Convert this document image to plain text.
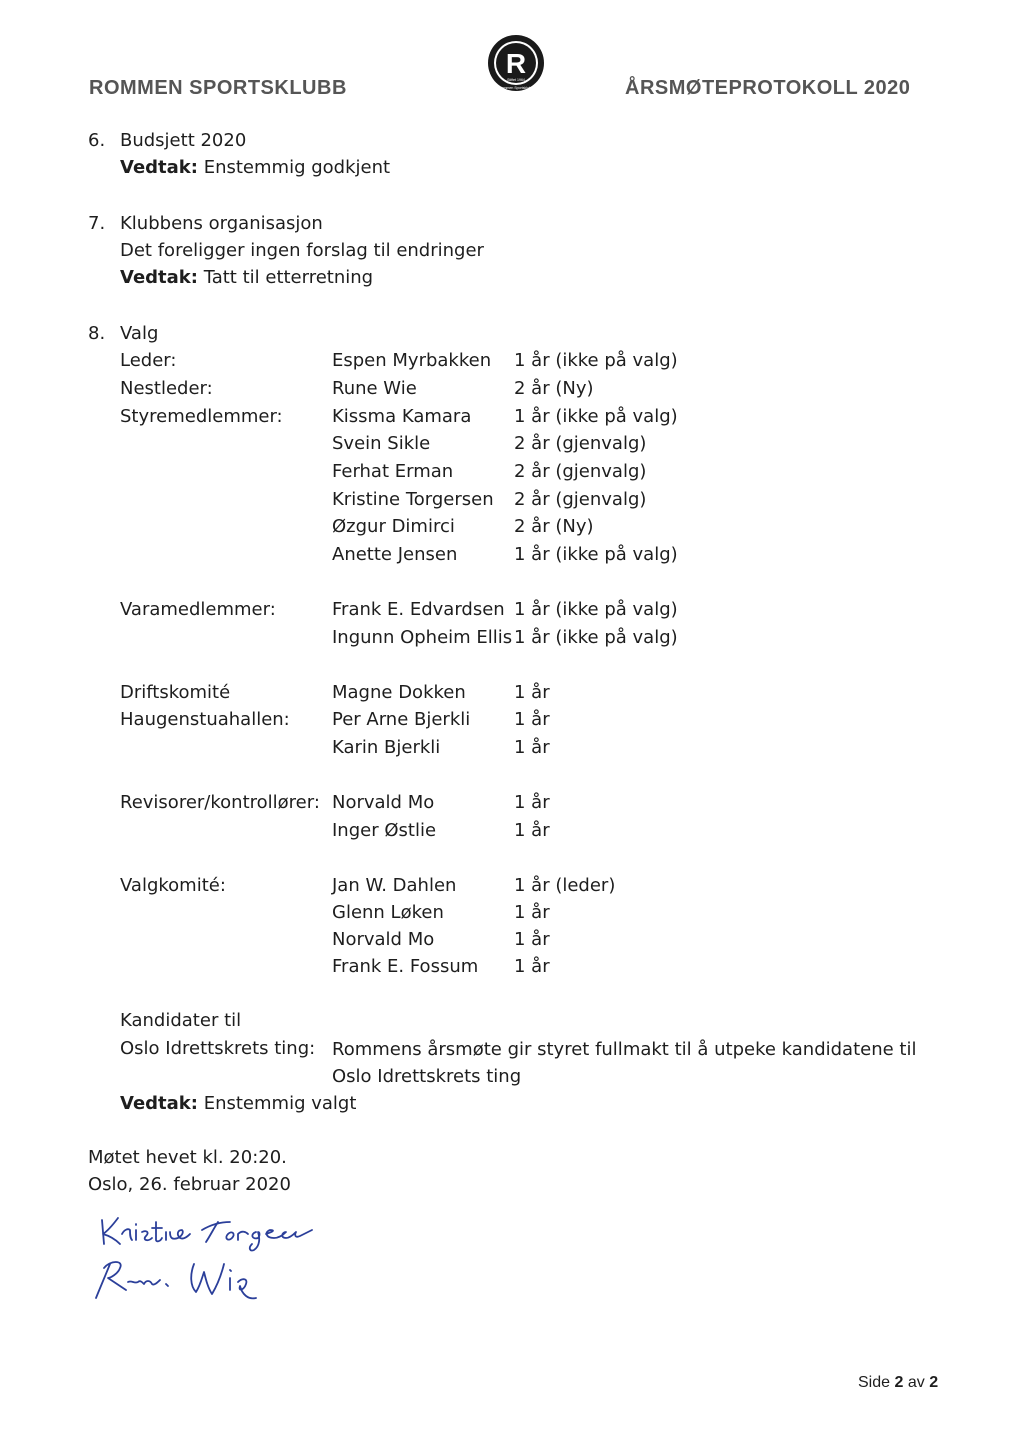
ROMMEN SPORTSKLUBB	ÅRSMØTEPROTOKOLL 2020
R
Stiftet 1964
Rommen Sportsklubb
6. Budsjett 2020
Vedtak: Enstemmig godkjent
7. Klubbens organisasjon
Det foreligger ingen forslag til endringer
Vedtak: Tatt til etterretning
8. Valg
Leder:	Espen Myrbakken 1 år (ikke på valg)
Nestleder:	Rune Wie	2 år (Ny)
Styremedlemmer:	Kissma Kamara 1 år (ikke på valg)
Svein Sikle	2 år (gjenvalg)
Ferhat Erman	2 år (gjenvalg)
Kristine Torgersen 2 år (gjenvalg)
Øzgur Dimirci	2 år (Ny)
Anette Jensen	1 år (ikke på valg)
Varamedlemmer:	Frank E. Edvardsen 1 år (ikke på valg)
Ingunn Opheim Ellis 1 år (ikke på valg)
Driftskomité
Haugenstuahallen:
Magne Dokken	1 år
Per Arne Bjerkli 1 år
Karin Bjerkli	1 år
Revisorer/kontrollører: Norvald Mo	1 år
Inger Østlie	1 år
Valgkomité:	Jan W. Dahlen	1 år (leder)
Glenn Løken	1 år
Norvald Mo	1 år
Frank E. Fossum 1 år
Kandidater til
Oslo Idrettskrets ting: Rommens årsmøte gir styret fullmakt til å utpeke kandidatene til
Oslo Idrettskrets ting
Vedtak: Enstemmig valgt
Møtet hevet kl. 20:20.
Oslo, 26. februar 2020
Side 2 av 2
